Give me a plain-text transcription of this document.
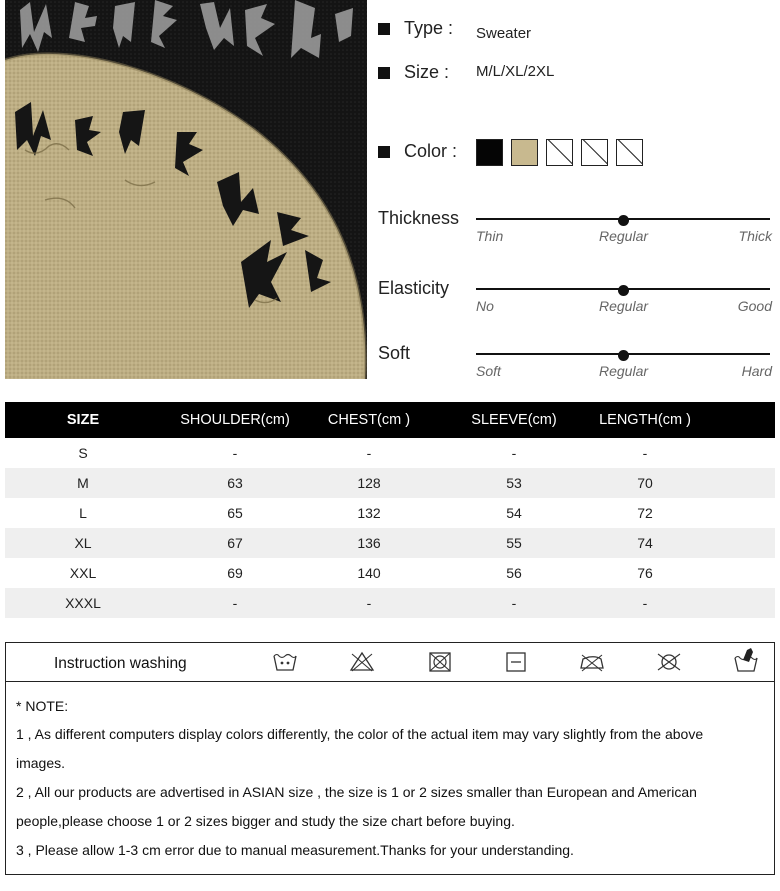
Type : Sweater
Size : M/L/XL/2XL
Color :
Thickness
Thin	Regular	Thick
Elasticity
No	Regular	Good
Soft
Soft	Regular	Hard
SIZE	SHOULDER(cm)	CHEST(cm )	SLEEVE(cm)	LENGTH(cm )
S	-	-	-	-
M	63	128	53	70
L	65	132	54	72
XL	67	136	55	74
XXL	69	140	56	76
XXXL	-	-	-	-
Instruction washing
* NOTE:
1 , As different computers display colors differently, the color of the actual item may vary slightly from the above
images.
2 , All our products are advertised in ASIAN size , the size is 1 or 2 sizes smaller than European and American
people,please choose 1 or 2 sizes bigger and study the size chart before buying.
3 , Please allow 1-3 cm error due to manual measurement.Thanks for your understanding.
